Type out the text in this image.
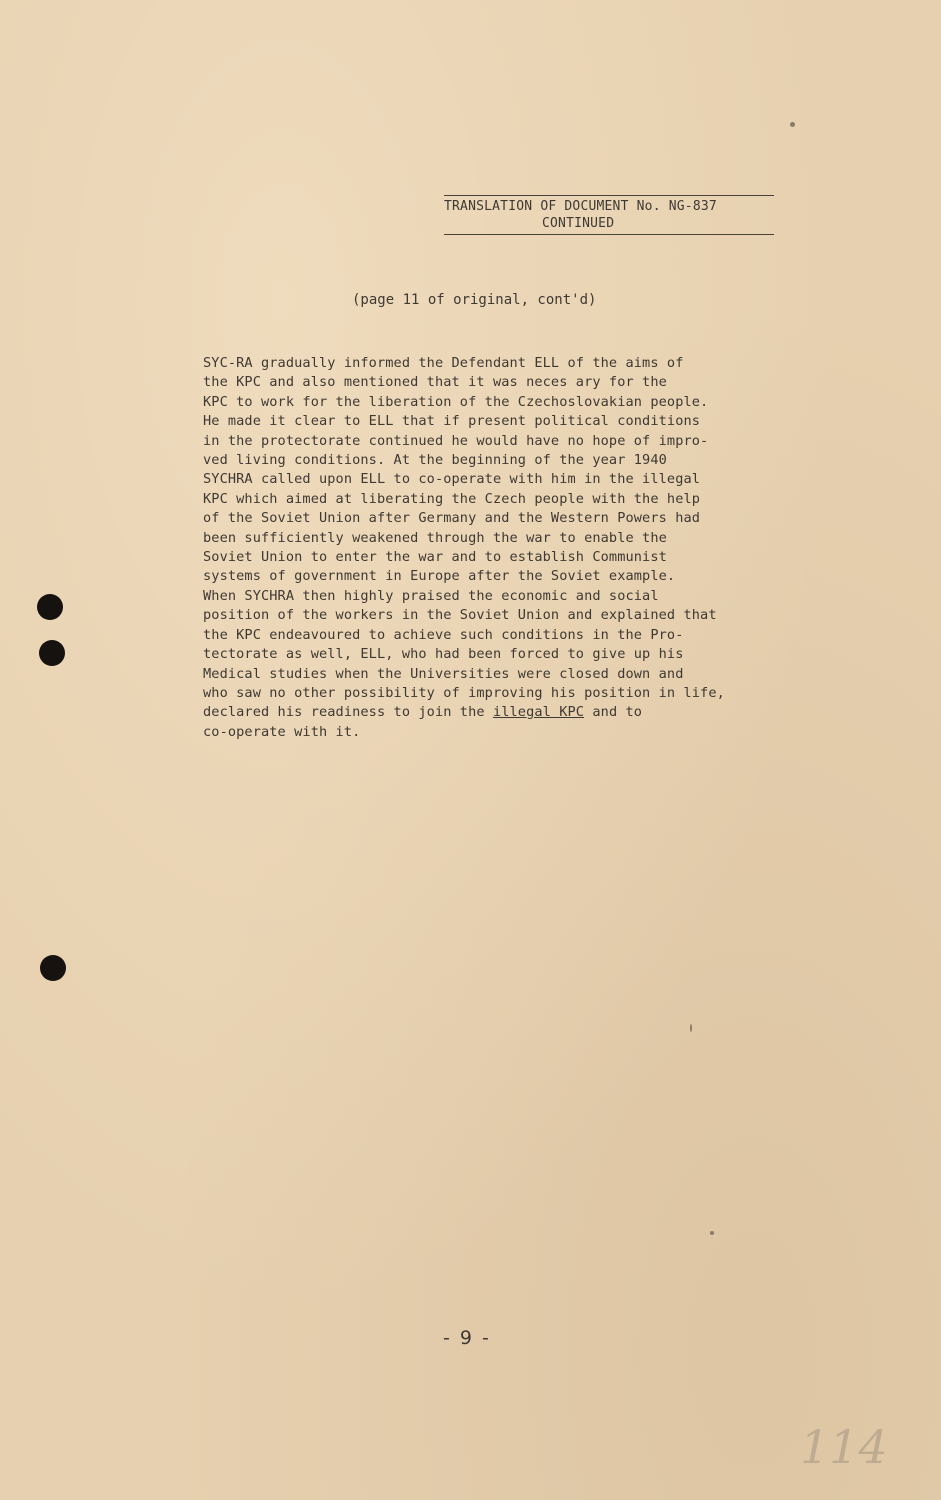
TRANSLATION OF DOCUMENT No. NG-837
CONTINUED
(page 11 of original, cont'd)
SYC-RA gradually informed the Defendant ELL of the aims of
the KPC and also mentioned that it was neces ary for the
KPC to work for the liberation of the Czechoslovakian people.
He made it clear to ELL that if present political conditions
in the protectorate continued he would have no hope of impro-
ved living conditions. At the beginning of the year 1940
SYCHRA called upon ELL to co-operate with him in the illegal
KPC which aimed at liberating the Czech people with the help
of the Soviet Union after Germany and the Western Powers had
been sufficiently weakened through the war to enable the
Soviet Union to enter the war and to establish Communist
systems of government in Europe after the Soviet example.
When SYCHRA then highly praised the economic and social
position of the workers in the Soviet Union and explained that
the KPC endeavoured to achieve such conditions in the Pro-
tectorate as well, ELL, who had been forced to give up his
Medical studies when the Universities were closed down and
who saw no other possibility of improving his position in life,
declared his readiness to join the illegal KPC and to
co-operate with it.
- 9 -
114
